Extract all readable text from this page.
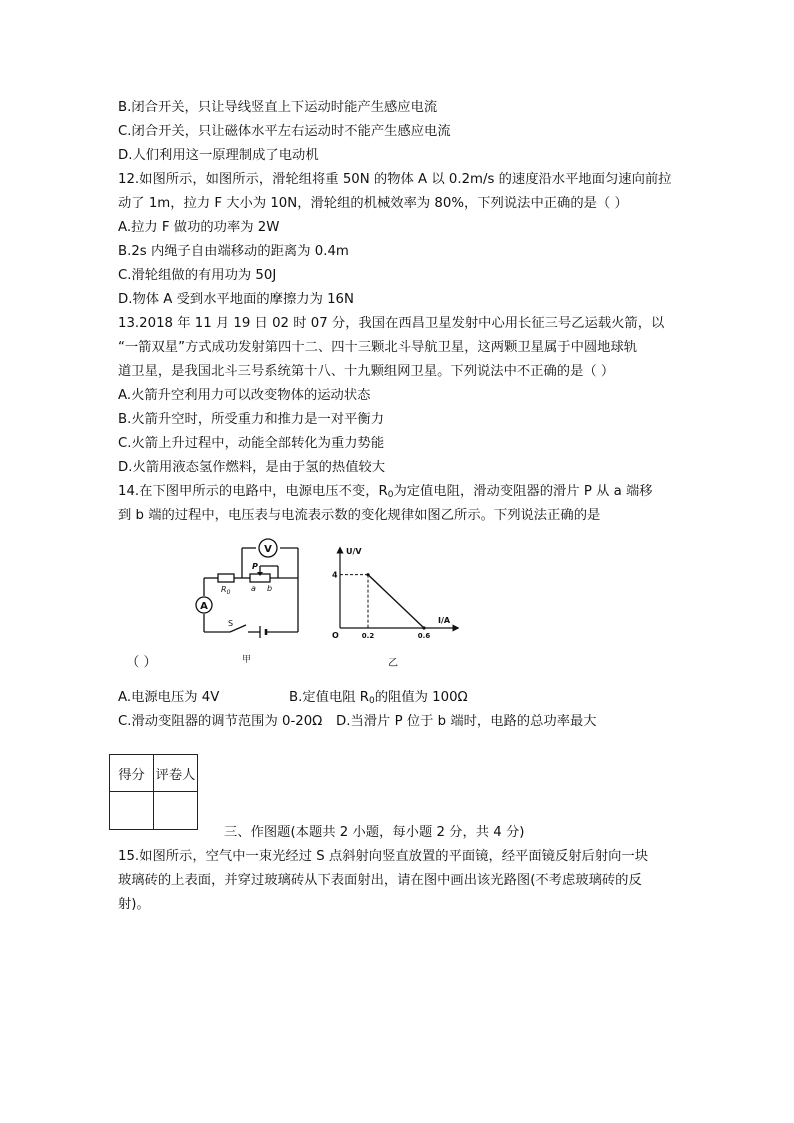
B.闭合开关，只让导线竖直上下运动时能产生感应电流
C.闭合开关，只让磁体水平左右运动时不能产生感应电流
D.人们利用这一原理制成了电动机
12.如图所示，如图所示，滑轮组将重 50N 的物体 A 以 0.2m/s 的速度沿水平地面匀速向前拉
动了 1m，拉力 F 大小为 10N，滑轮组的机械效率为 80%，下列说法中正确的是（ ）
A.拉力 F 做功的功率为 2W
B.2s 内绳子自由端移动的距离为 0.4m
C.滑轮组做的有用功为 50J
D.物体 A 受到水平地面的摩擦力为 16N
13.2018 年 11 月 19 日 02 时 07 分，我国在西昌卫星发射中心用长征三号乙运载火箭，以
“一箭双星”方式成功发射第四十二、四十三颗北斗导航卫星，这两颗卫星属于中圆地球轨
道卫星，是我国北斗三号系统第十八、十九颗组网卫星。下列说法中不正确的是（ ）
A.火箭升空利用力可以改变物体的运动状态
B.火箭升空时，所受重力和推力是一对平衡力
C.火箭上升过程中，动能全部转化为重力势能
D.火箭用液态氢作燃料，是由于氢的热值较大
14.在下图甲所示的电路中，电源电压不变，$R_0$为定值电阻，滑动变阻器的滑片 P 从 a 端移
到 b 端的过程中，电压表与电流表示数的变化规律如图乙所示。下列说法正确的是
V
A
$R_0$
P
a b
S
甲
（ ）
U/V
I/A
4
O	0.2	0.6
乙
A.电源电压为 4V	B.定值电阻 $R_0$的阻值为 100Ω
C.滑动变阻器的调节范围为 0-20Ω D.当滑片 P 位于 b 端时，电路的总功率最大
得分	评卷人

三、作图题(本题共 2 小题，每小题 2 分，共 4 分)
15.如图所示，空气中一束光经过 S 点斜射向竖直放置的平面镜，经平面镜反射后射向一块
玻璃砖的上表面，并穿过玻璃砖从下表面射出，请在图中画出该光路图(不考虑玻璃砖的反
射)。
